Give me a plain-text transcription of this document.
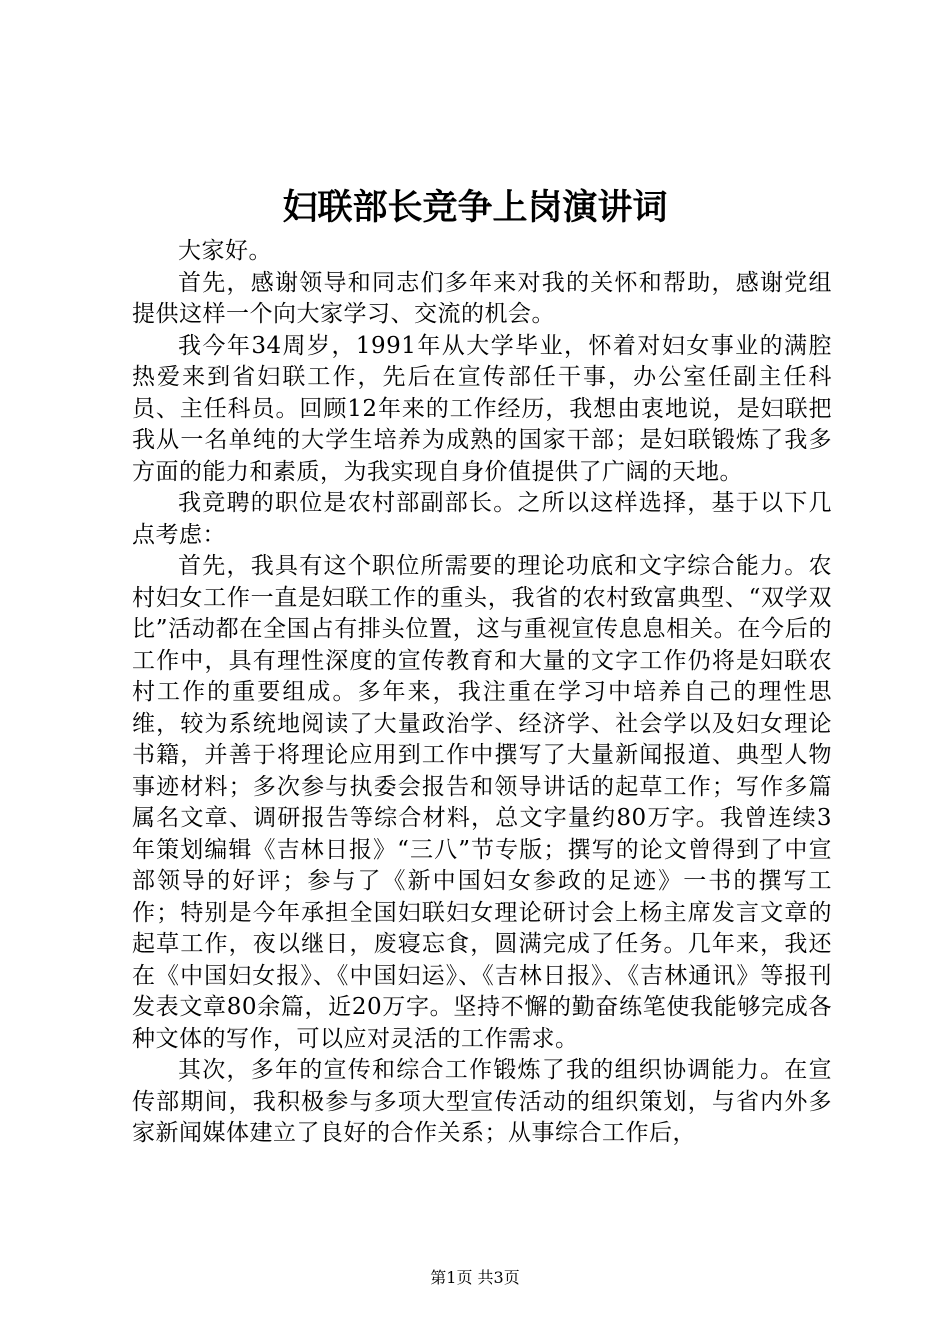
妇联部长竞争上岗演讲词

大家好。

首先，感谢领导和同志们多年来对我的关怀和帮助，感谢党组提供这样一个向大家学习、交流的机会。

我今年34周岁，1991年从大学毕业，怀着对妇女事业的满腔热爱来到省妇联工作，先后在宣传部任干事，办公室任副主任科员、主任科员。回顾12年来的工作经历，我想由衷地说，是妇联把我从一名单纯的大学生培养为成熟的国家干部；是妇联锻炼了我多方面的能力和素质，为我实现自身价值提供了广阔的天地。

我竞聘的职位是农村部副部长。之所以这样选择，基于以下几点考虑：

首先，我具有这个职位所需要的理论功底和文字综合能力。农村妇女工作一直是妇联工作的重头，我省的农村致富典型、“双学双比”活动都在全国占有排头位置，这与重视宣传息息相关。在今后的工作中，具有理性深度的宣传教育和大量的文字工作仍将是妇联农村工作的重要组成。多年来，我注重在学习中培养自己的理性思维，较为系统地阅读了大量政治学、经济学、社会学以及妇女理论书籍，并善于将理论应用到工作中撰写了大量新闻报道、典型人物事迹材料；多次参与执委会报告和领导讲话的起草工作；写作多篇属名文章、调研报告等综合材料，总文字量约80万字。我曾连续3年策划编辑《吉林日报》“三八”节专版；撰写的论文曾得到了中宣部领导的好评；参与了《新中国妇女参政的足迹》一书的撰写工作；特别是今年承担全国妇联妇女理论研讨会上杨主席发言文章的起草工作，夜以继日，废寝忘食，圆满完成了任务。几年来，我还在《中国妇女报》、《中国妇运》、《吉林日报》、《吉林通讯》等报刊发表文章80余篇，近20万字。坚持不懈的勤奋练笔使我能够完成各种文体的写作，可以应对灵活的工作需求。

其次，多年的宣传和综合工作锻炼了我的组织协调能力。在宣传部期间，我积极参与多项大型宣传活动的组织策划，与省内外多家新闻媒体建立了良好的合作关系；从事综合工作后，

第1页 共3页
